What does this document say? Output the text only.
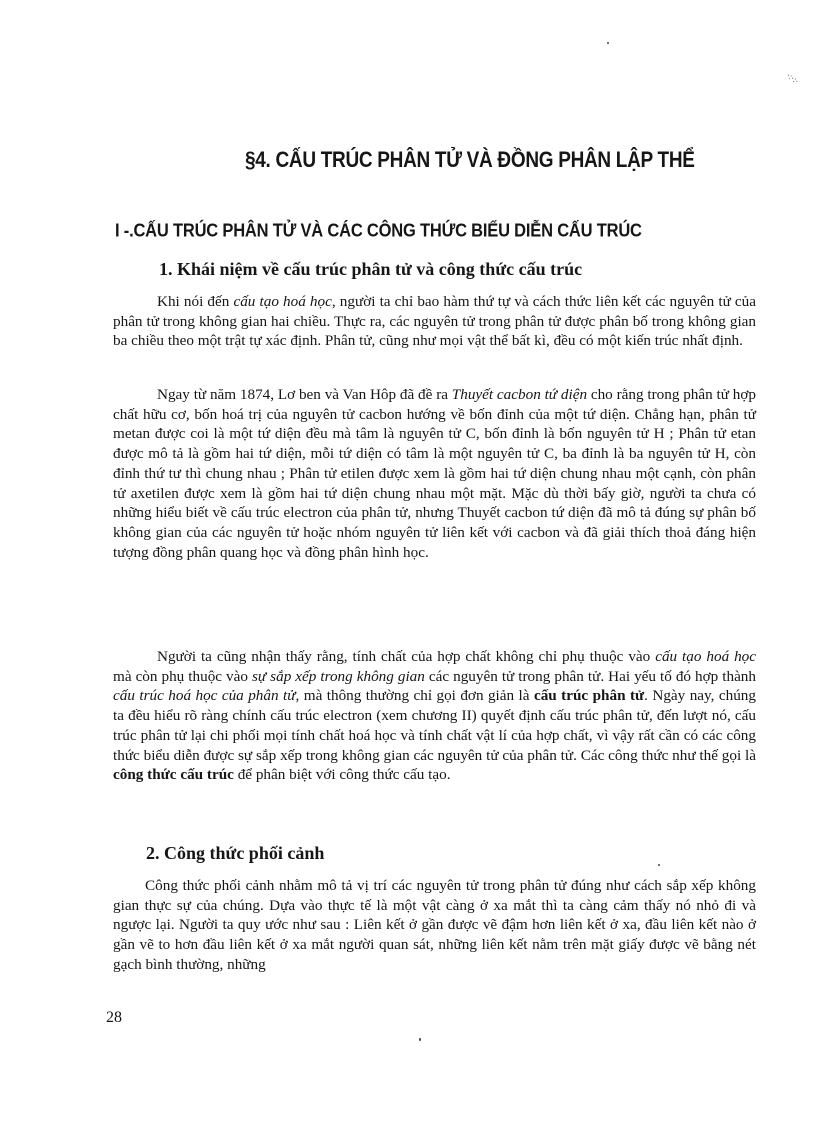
·:·:·
§4. CẤU TRÚC PHÂN TỬ VÀ ĐỒNG PHÂN LẬP THỂ
I -.CẤU TRÚC PHÂN TỬ VÀ CÁC CÔNG THỨC BIỂU DIỄN CẤU TRÚC
1. Khái niệm về cấu trúc phân tử và công thức cấu trúc

Khi nói đến cấu tạo hoá học, người ta chỉ bao hàm thứ tự và cách thức liên kết các nguyên tử của phân tử trong không gian hai chiều. Thực ra, các nguyên tử trong phân tử được phân bố trong không gian ba chiều theo một trật tự xác định. Phân tử, cũng như mọi vật thể bất kì, đều có một kiến trúc nhất định.

Ngay từ năm 1874, Lơ ben và Van Hôp đã đề ra Thuyết cacbon tứ diện cho rằng trong phân tử hợp chất hữu cơ, bốn hoá trị của nguyên tử cacbon hướng về bốn đỉnh của một tứ diện. Chẳng hạn, phân tử metan được coi là một tứ diện đều mà tâm là nguyên tử C, bốn đỉnh là bốn nguyên tử H ; Phân tử etan được mô tả là gồm hai tứ diện, mỗi tứ diện có tâm là một nguyên tử C, ba đỉnh là ba nguyên tử H, còn đỉnh thứ tư thì chung nhau ; Phân tử etilen được xem là gồm hai tứ diện chung nhau một cạnh, còn phân tử axetilen được xem là gồm hai tứ diện chung nhau một mặt. Mặc dù thời bấy giờ, người ta chưa có những hiểu biết về cấu trúc electron của phân tử, nhưng Thuyết cacbon tứ diện đã mô tả đúng sự phân bố không gian của các nguyên tử hoặc nhóm nguyên tử liên kết với cacbon và đã giải thích thoả đáng hiện tượng đồng phân quang học và đồng phân hình học.

Người ta cũng nhận thấy rằng, tính chất của hợp chất không chỉ phụ thuộc vào cấu tạo hoá học mà còn phụ thuộc vào sự sắp xếp trong không gian các nguyên tử trong phân tử. Hai yếu tố đó hợp thành cấu trúc hoá học của phân tử, mà thông thường chỉ gọi đơn giản là cấu trúc phân tử. Ngày nay, chúng ta đều hiểu rõ ràng chính cấu trúc electron (xem chương II) quyết định cấu trúc phân tử, đến lượt nó, cấu trúc phân tử lại chi phối mọi tính chất hoá học và tính chất vật lí của hợp chất, vì vậy rất cần có các công thức biểu diễn được sự sắp xếp trong không gian các nguyên tử của phân tử. Các công thức như thế gọi là công thức cấu trúc để phân biệt với công thức cấu tạo.

2. Công thức phối cảnh

Công thức phối cảnh nhằm mô tả vị trí các nguyên tử trong phân tử đúng như cách sắp xếp không gian thực sự của chúng. Dựa vào thực tế là một vật càng ở xa mắt thì ta càng cảm thấy nó nhỏ đi và ngược lại. Người ta quy ước như sau : Liên kết ở gần được vẽ đậm hơn liên kết ở xa, đầu liên kết nào ở gần vẽ to hơn đầu liên kết ở xa mắt người quan sát, những liên kết nằm trên mặt giấy được vẽ bằng nét gạch bình thường, những

28
